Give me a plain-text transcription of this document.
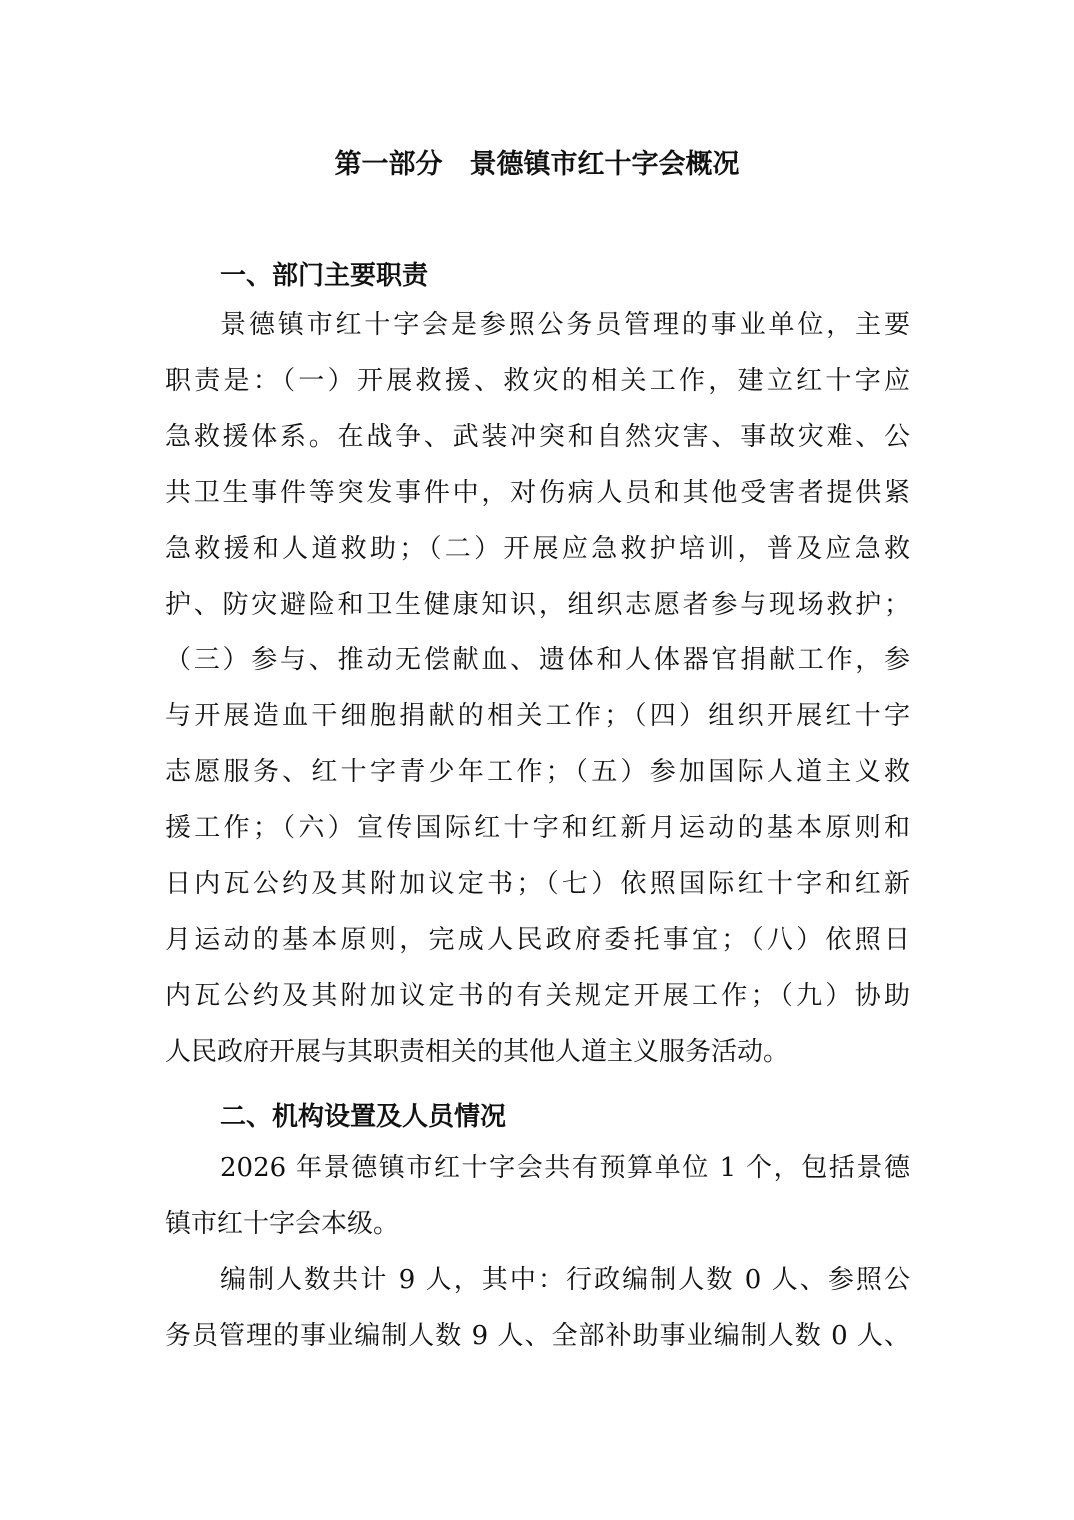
第一部分　景德镇市红十字会概况
一、部门主要职责
景德镇市红十字会是参照公务员管理的事业单位，主要
职责是：（一）开展救援、救灾的相关工作，建立红十字应
急救援体系。在战争、武装冲突和自然灾害、事故灾难、公
共卫生事件等突发事件中，对伤病人员和其他受害者提供紧
急救援和人道救助；（二）开展应急救护培训，普及应急救
护、防灾避险和卫生健康知识，组织志愿者参与现场救护；
（三）参与、推动无偿献血、遗体和人体器官捐献工作，参
与开展造血干细胞捐献的相关工作；（四）组织开展红十字
志愿服务、红十字青少年工作；（五）参加国际人道主义救
援工作；（六）宣传国际红十字和红新月运动的基本原则和
日内瓦公约及其附加议定书；（七）依照国际红十字和红新
月运动的基本原则，完成人民政府委托事宜；（八）依照日
内瓦公约及其附加议定书的有关规定开展工作；（九）协助
人民政府开展与其职责相关的其他人道主义服务活动。
二、机构设置及人员情况
2026 年景德镇市红十字会共有预算单位 1 个，包括景德
镇市红十字会本级。
编制人数共计 9 人，其中：行政编制人数 0 人、参照公
务员管理的事业编制人数 9 人、全部补助事业编制人数 0 人、
